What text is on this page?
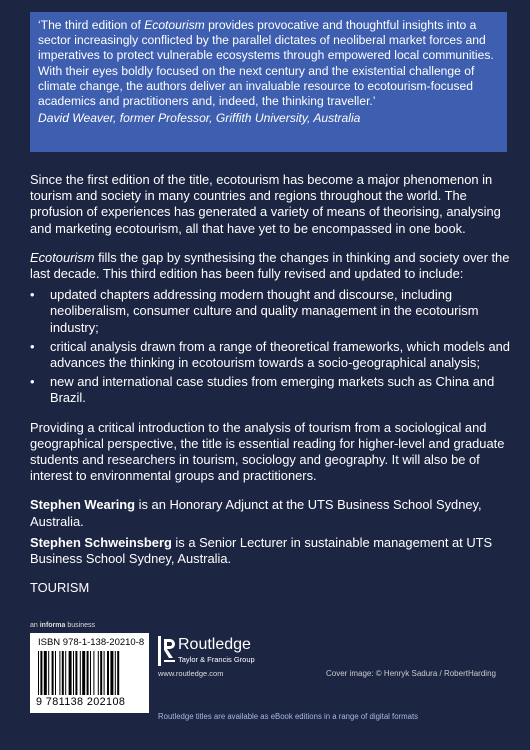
‘The third edition of Ecotourism provides provocative and thoughtful insights into a sector increasingly conflicted by the parallel dictates of neoliberal market forces and imperatives to protect vulnerable ecosystems through empowered local communities. With their eyes boldly focused on the next century and the existential challenge of climate change, the authors deliver an invaluable resource to ecotourism-focused academics and practitioners and, indeed, the thinking traveller.’

David Weaver, former Professor, Griffith University, Australia

Since the first edition of the title, ecotourism has become a major phenomenon in tourism and society in many countries and regions throughout the world. The profusion of experiences has generated a variety of means of theorising, analysing and marketing ecotourism, all that have yet to be encompassed in one book.

Ecotourism fills the gap by synthesising the changes in thinking and society over the last decade. This third edition has been fully revised and updated to include:

• updated chapters addressing modern thought and discourse, including neoliberalism, consumer culture and quality management in the ecotourism industry;
• critical analysis drawn from a range of theoretical frameworks, which models and advances the thinking in ecotourism towards a socio-geographical analysis;
• new and international case studies from emerging markets such as China and Brazil.

Providing a critical introduction to the analysis of tourism from a sociological and geographical perspective, the title is essential reading for higher-level and graduate students and researchers in tourism, sociology and geography. It will also be of interest to environmental groups and practitioners.

Stephen Wearing is an Honorary Adjunct at the UTS Business School Sydney, Australia.

Stephen Schweinsberg is a Senior Lecturer in sustainable management at UTS Business School Sydney, Australia.

TOURISM

an informa business
ISBN 978-1-138-20210-8
9 781138 202108
Routledge
Taylor & Francis Group
www.routledge.com	Cover image: © Henryk Sadura / RobertHarding
Routledge titles are available as eBook editions in a range of digital formats
